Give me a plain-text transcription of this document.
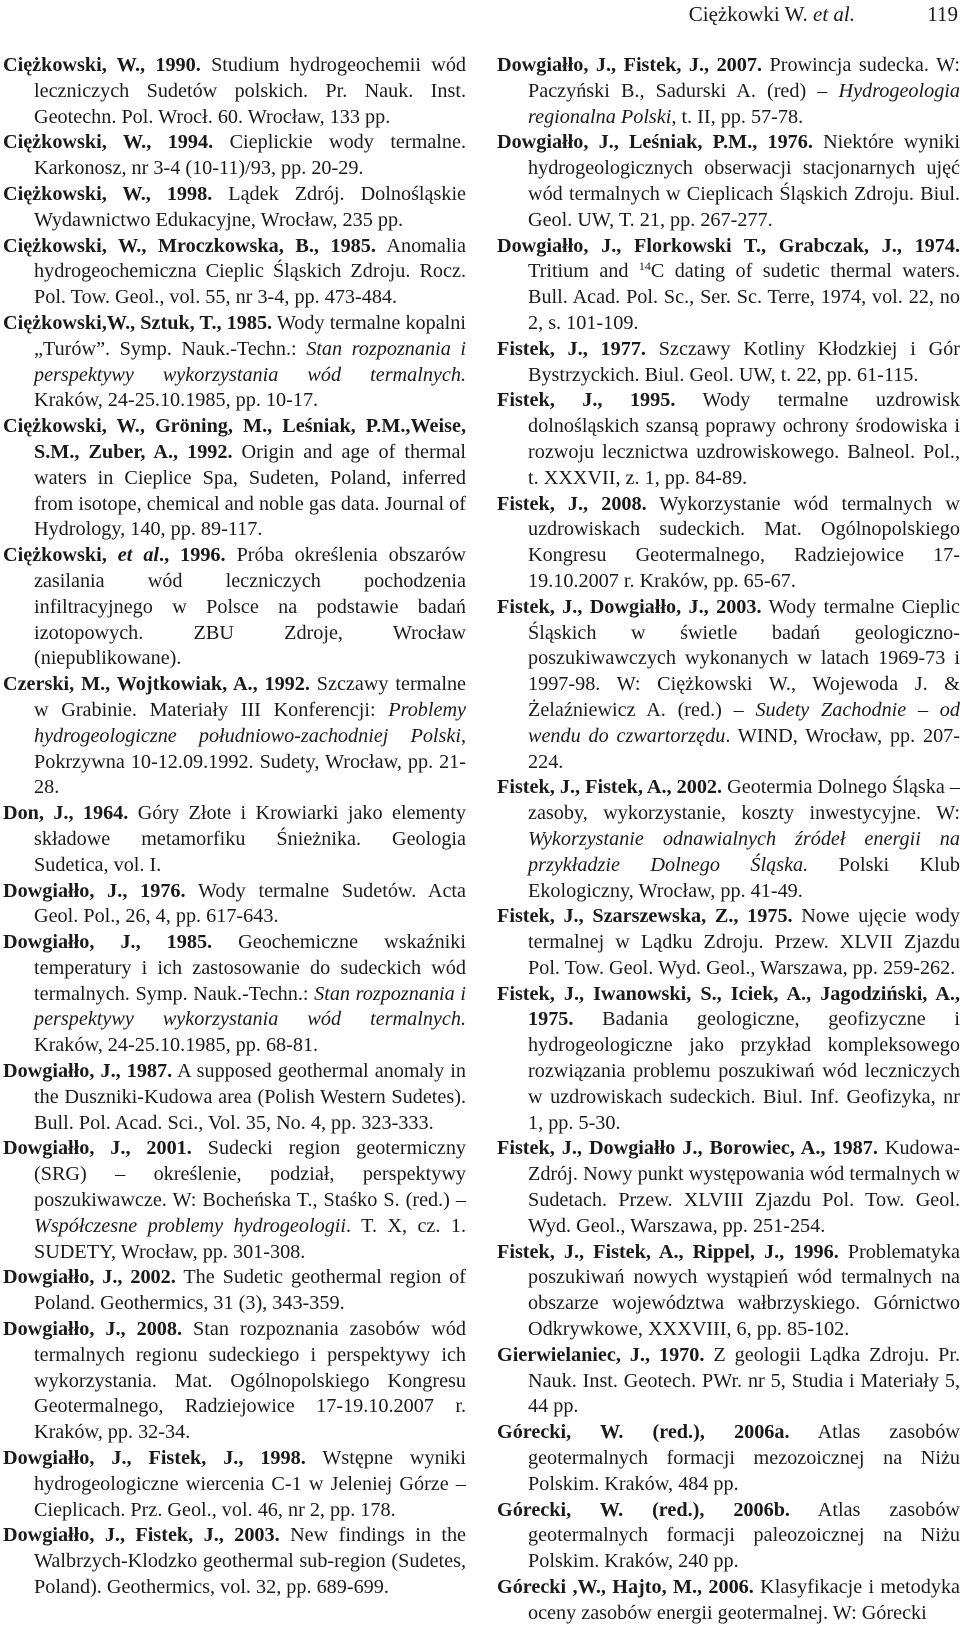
Ciężkowki W. et al.	119

Ciężkowski, W., 1990. Studium hydrogeochemii wód leczniczych Sudetów polskich. Pr. Nauk. Inst. Geotechn. Pol. Wrocł. 60. Wrocław, 133 pp.

Ciężkowski, W., 1994. Cieplickie wody termalne. Karkonosz, nr 3-4 (10-11)/93, pp. 20-29.

Ciężkowski, W., 1998. Lądek Zdrój. Dolnośląskie Wydawnictwo Edukacyjne, Wrocław, 235 pp.

Ciężkowski, W., Mroczkowska, B., 1985. Anomalia hydrogeochemiczna Cieplic Śląskich Zdroju. Rocz. Pol. Tow. Geol., vol. 55, nr 3-4, pp. 473-484.

Ciężkowski,W., Sztuk, T., 1985. Wody termalne kopalni „Turów”. Symp. Nauk.-Techn.: Stan rozpoznania i perspektywy wykorzystania wód termalnych. Kraków, 24-25.10.1985, pp. 10-17.

Ciężkowski, W., Gröning, M., Leśniak, P.M.,Weise, S.M., Zuber, A., 1992. Origin and age of thermal waters in Cieplice Spa, Sudeten, Poland, inferred from isotope, chemical and noble gas data. Journal of Hydrology, 140, pp. 89-117.

Ciężkowski, et al., 1996. Próba określenia obszarów zasilania wód leczniczych pochodzenia infiltracyjnego w Polsce na podstawie badań izotopowych. ZBU Zdroje, Wrocław (niepublikowane).

Czerski, M., Wojtkowiak, A., 1992. Szczawy termalne w Grabinie. Materiały III Konferencji: Problemy hydrogeologiczne południowo-zachodniej Polski, Pokrzywna 10-12.09.1992. Sudety, Wrocław, pp. 21-28.

Don, J., 1964. Góry Złote i Krowiarki jako elementy składowe metamorfiku Śnieżnika. Geologia Sudetica, vol. I.

Dowgiałło, J., 1976. Wody termalne Sudetów. Acta Geol. Pol., 26, 4, pp. 617-643.

Dowgiałło, J., 1985. Geochemiczne wskaźniki temperatury i ich zastosowanie do sudeckich wód termalnych. Symp. Nauk.-Techn.: Stan rozpoznania i perspektywy wykorzystania wód termalnych. Kraków, 24-25.10.1985, pp. 68-81.

Dowgiałło, J., 1987. A supposed geothermal anomaly in the Duszniki-Kudowa area (Polish Western Sudetes). Bull. Pol. Acad. Sci., Vol. 35, No. 4, pp. 323-333.

Dowgiałło, J., 2001. Sudecki region geotermiczny (SRG) – określenie, podział, perspektywy poszukiwawcze. W: Bocheńska T., Staśko S. (red.) – Współczesne problemy hydrogeologii. T. X, cz. 1. SUDETY, Wrocław, pp. 301-308.

Dowgiałło, J., 2002. The Sudetic geothermal region of Poland. Geothermics, 31 (3), 343-359.

Dowgiałło, J., 2008. Stan rozpoznania zasobów wód termalnych regionu sudeckiego i perspektywy ich wykorzystania. Mat. Ogólnopolskiego Kongresu Geotermalnego, Radziejowice 17-19.10.2007 r. Kraków, pp. 32-34.

Dowgiałło, J., Fistek, J., 1998. Wstępne wyniki hydrogeologiczne wiercenia C-1 w Jeleniej Górze – Cieplicach. Prz. Geol., vol. 46, nr 2, pp. 178.

Dowgiałło, J., Fistek, J., 2003. New findings in the Walbrzych-Klodzko geothermal sub-region (Sudetes, Poland). Geothermics, vol. 32, pp. 689-699.

Dowgiałło, J., Fistek, J., 2007. Prowincja sudecka. W: Paczyński B., Sadurski A. (red) – Hydrogeologia regionalna Polski, t. II, pp. 57-78.

Dowgiałło, J., Leśniak, P.M., 1976. Niektóre wyniki hydrogeologicznych obserwacji stacjonarnych ujęć wód termalnych w Cieplicach Śląskich Zdroju. Biul. Geol. UW, T. 21, pp. 267-277.

Dowgiałło, J., Florkowski T., Grabczak, J., 1974. Tritium and $^{14}$C dating of sudetic thermal waters. Bull. Acad. Pol. Sc., Ser. Sc. Terre, 1974, vol. 22, no 2, s. 101-109.

Fistek, J., 1977. Szczawy Kotliny Kłodzkiej i Gór Bystrzyckich. Biul. Geol. UW, t. 22, pp. 61-115.

Fistek, J., 1995. Wody termalne uzdrowisk dolnośląskich szansą poprawy ochrony środowiska i rozwoju lecznictwa uzdrowiskowego. Balneol. Pol., t. XXXVII, z. 1, pp. 84-89.

Fistek, J., 2008. Wykorzystanie wód termalnych w uzdrowiskach sudeckich. Mat. Ogólnopolskiego Kongresu Geotermalnego, Radziejowice 17-19.10.2007 r. Kraków, pp. 65-67.

Fistek, J., Dowgiałło, J., 2003. Wody termalne Cieplic Śląskich w świetle badań geologiczno-poszukiwawczych wykonanych w latach 1969-73 i 1997-98. W: Ciężkowski W., Wojewoda J. & Żelaźniewicz A. (red.) – Sudety Zachodnie – od wendu do czwartorzędu. WIND, Wrocław, pp. 207-224.

Fistek, J., Fistek, A., 2002. Geotermia Dolnego Śląska – zasoby, wykorzystanie, koszty inwestycyjne. W: Wykorzystanie odnawialnych źródeł energii na przykładzie Dolnego Śląska. Polski Klub Ekologiczny, Wrocław, pp. 41-49.

Fistek, J., Szarszewska, Z., 1975. Nowe ujęcie wody termalnej w Lądku Zdroju. Przew. XLVII Zjazdu Pol. Tow. Geol. Wyd. Geol., Warszawa, pp. 259-262.

Fistek, J., Iwanowski, S., Iciek, A., Jagodziński, A., 1975. Badania geologiczne, geofizyczne i hydrogeologiczne jako przykład kompleksowego rozwiązania problemu poszukiwań wód leczniczych w uzdrowiskach sudeckich. Biul. Inf. Geofizyka, nr 1, pp. 5-30.

Fistek, J., Dowgiałło J., Borowiec, A., 1987. Kudowa-Zdrój. Nowy punkt występowania wód termalnych w Sudetach. Przew. XLVIII Zjazdu Pol. Tow. Geol. Wyd. Geol., Warszawa, pp. 251-254.

Fistek, J., Fistek, A., Rippel, J., 1996. Problematyka poszukiwań nowych wystąpień wód termalnych na obszarze województwa wałbrzyskiego. Górnictwo Odkrywkowe, XXXVIII, 6, pp. 85-102.

Gierwielaniec, J., 1970. Z geologii Lądka Zdroju. Pr. Nauk. Inst. Geotech. PWr. nr 5, Studia i Materiały 5, 44 pp.

Górecki, W. (red.), 2006a. Atlas zasobów geotermalnych formacji mezozoicznej na Niżu Polskim. Kraków, 484 pp.

Górecki, W. (red.), 2006b. Atlas zasobów geotermalnych formacji paleozoicznej na Niżu Polskim. Kraków, 240 pp.

Górecki ,W., Hajto, M., 2006. Klasyfikacje i metodyka oceny zasobów energii geotermalnej. W: Górecki
